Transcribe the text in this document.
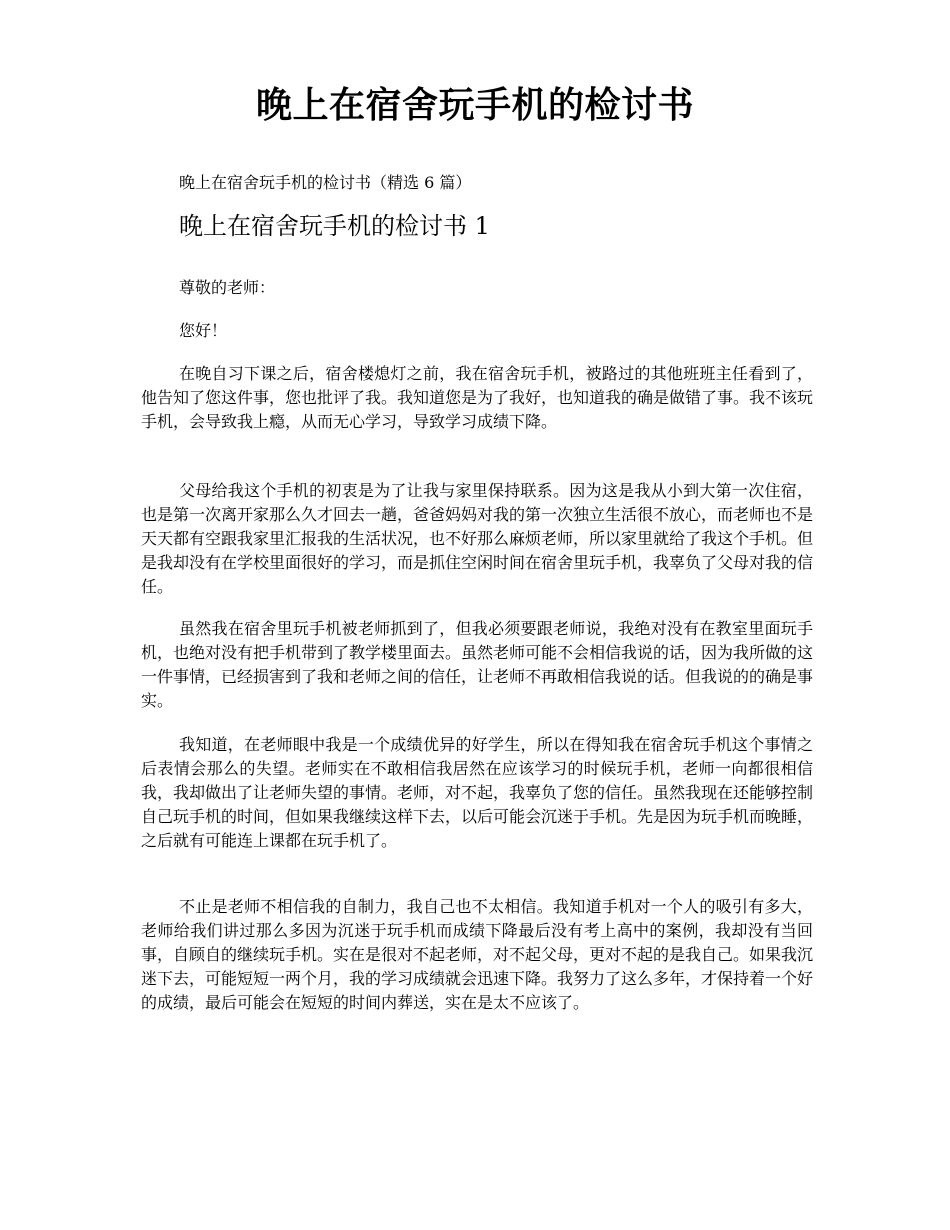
晚上在宿舍玩手机的检讨书

晚上在宿舍玩手机的检讨书（精选 6 篇）

晚上在宿舍玩手机的检讨书 1

尊敬的老师：

您好！

在晚自习下课之后，宿舍楼熄灯之前，我在宿舍玩手机，被路过的其他班班主任看到了，他告知了您这件事，您也批评了我。我知道您是为了我好，也知道我的确是做错了事。我不该玩手机，会导致我上瘾，从而无心学习，导致学习成绩下降。

父母给我这个手机的初衷是为了让我与家里保持联系。因为这是我从小到大第一次住宿，也是第一次离开家那么久才回去一趟，爸爸妈妈对我的第一次独立生活很不放心，而老师也不是天天都有空跟我家里汇报我的生活状况，也不好那么麻烦老师，所以家里就给了我这个手机。但是我却没有在学校里面很好的学习，而是抓住空闲时间在宿舍里玩手机，我辜负了父母对我的信任。

虽然我在宿舍里玩手机被老师抓到了，但我必须要跟老师说，我绝对没有在教室里面玩手机，也绝对没有把手机带到了教学楼里面去。虽然老师可能不会相信我说的话，因为我所做的这一件事情，已经损害到了我和老师之间的信任，让老师不再敢相信我说的话。但我说的的确是事实。

我知道，在老师眼中我是一个成绩优异的好学生，所以在得知我在宿舍玩手机这个事情之后表情会那么的失望。老师实在不敢相信我居然在应该学习的时候玩手机，老师一向都很相信我，我却做出了让老师失望的事情。老师，对不起，我辜负了您的信任。虽然我现在还能够控制自己玩手机的时间，但如果我继续这样下去，以后可能会沉迷于手机。先是因为玩手机而晚睡，之后就有可能连上课都在玩手机了。

不止是老师不相信我的自制力，我自己也不太相信。我知道手机对一个人的吸引有多大，老师给我们讲过那么多因为沉迷于玩手机而成绩下降最后没有考上高中的案例，我却没有当回事，自顾自的继续玩手机。实在是很对不起老师，对不起父母，更对不起的是我自己。如果我沉迷下去，可能短短一两个月，我的学习成绩就会迅速下降。我努力了这么多年，才保持着一个好的成绩，最后可能会在短短的时间内葬送，实在是太不应该了。
